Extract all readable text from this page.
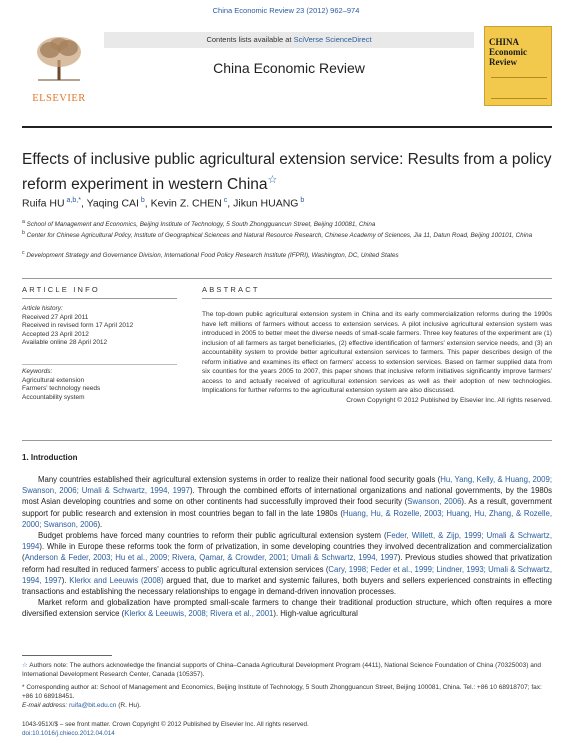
China Economic Review 23 (2012) 962–974
ELSEVIER
Contents lists available at SciVerse ScienceDirect
China Economic Review
CHINA Economic Review
Effects of inclusive public agricultural extension service: Results from a policy reform experiment in western China☆
Ruifa HU $^{a,b,*}$, Yaqing CAI $^b$, Kevin Z. CHEN $^c$, Jikun HUANG $^b$
$^a$ School of Management and Economics, Beijing Institute of Technology, 5 South Zhongguancun Street, Beijing 100081, China
$^b$ Center for Chinese Agricultural Policy, Institute of Geographical Sciences and Natural Resource Research, Chinese Academy of Sciences, Jia 11, Datun Road, Beijing 100101, China
$^c$ Development Strategy and Governance Division, International Food Policy Research Institute (IFPRI), Washington, DC, United States
ARTICLE INFO
Article history:
Received 27 April 2011
Received in revised form 17 April 2012
Accepted 23 April 2012
Available online 28 April 2012
Keywords:
Agricultural extension
Farmers' technology needs
Accountability system
ABSTRACT
The top-down public agricultural extension system in China and its early commercialization reforms during the 1990s have left millions of farmers without access to extension services. A pilot inclusive agricultural extension system was introduced in 2005 to better meet the diverse needs of small-scale farmers. Three key features of the experiment are (1) inclusion of all farmers as target beneficiaries, (2) effective identification of farmers' extension service needs, and (3) an accountability system to provide better agricultural extension services to farmers. This paper describes design of the reform initiative and examines its effect on farmers' access to extension services. Based on farmer supplied data from six counties for the years 2005 to 2007, this paper shows that inclusive reform initiatives significantly improve farmers' access to and actually received of agricultural extension services as well as their adoption of new technologies. Implications for further reforms to the agricultural extension system are also discussed.
Crown Copyright © 2012 Published by Elsevier Inc. All rights reserved.
1. Introduction

Many countries established their agricultural extension systems in order to realize their national food security goals (Hu, Yang, Kelly, & Huang, 2009; Swanson, 2006; Umali & Schwartz, 1994, 1997). Through the combined efforts of international organizations and national governments, by the 1980s most Asian developing countries and some on other continents had successfully improved their food security (Swanson, 2006). As a result, government support for public research and extension in most countries began to fall in the late 1980s (Huang, Hu, & Rozelle, 2003; Huang, Hu, Zhang, & Rozelle, 2000; Swanson, 2006).

Budget problems have forced many countries to reform their public agricultural extension system (Feder, Willett, & Zijp, 1999; Umali & Schwartz, 1994). While in Europe these reforms took the form of privatization, in some developing countries they involved decentralization and commercialization (Anderson & Feder, 2003; Hu et al., 2009; Rivera, Qamar, & Crowder, 2001; Umali & Schwartz, 1994, 1997). Previous studies showed that privatization reform had resulted in reduced farmers' access to public agricultural extension services (Cary, 1998; Feder et al., 1999; Lindner, 1993; Umali & Schwartz, 1994, 1997). Klerkx and Leeuwis (2008) argued that, due to market and systemic failures, both buyers and sellers experienced constraints in effecting transactions and establishing the necessary relationships to engage in demand-driven innovation processes.

Market reform and globalization have prompted small-scale farmers to change their traditional production structure, which often requires a more diversified extension service (Klerkx & Leeuwis, 2008; Rivera et al., 2001). High-value agricultural

☆ Authors note: The authors acknowledge the financial supports of China–Canada Agricultural Development Program (4411), National Science Foundation of China (70325003) and International Development Research Center, Canada (105357).
* Corresponding author at: School of Management and Economics, Beijing Institute of Technology, 5 South Zhongguancun Street, Beijing 100081, China. Tel.: +86 10 68918707; fax: +86 10 68918451.
E-mail address: ruifa@bit.edu.cn (R. Hu).
1043-951X/$ – see front matter. Crown Copyright © 2012 Published by Elsevier Inc. All rights reserved.
doi:10.1016/j.chieco.2012.04.014
